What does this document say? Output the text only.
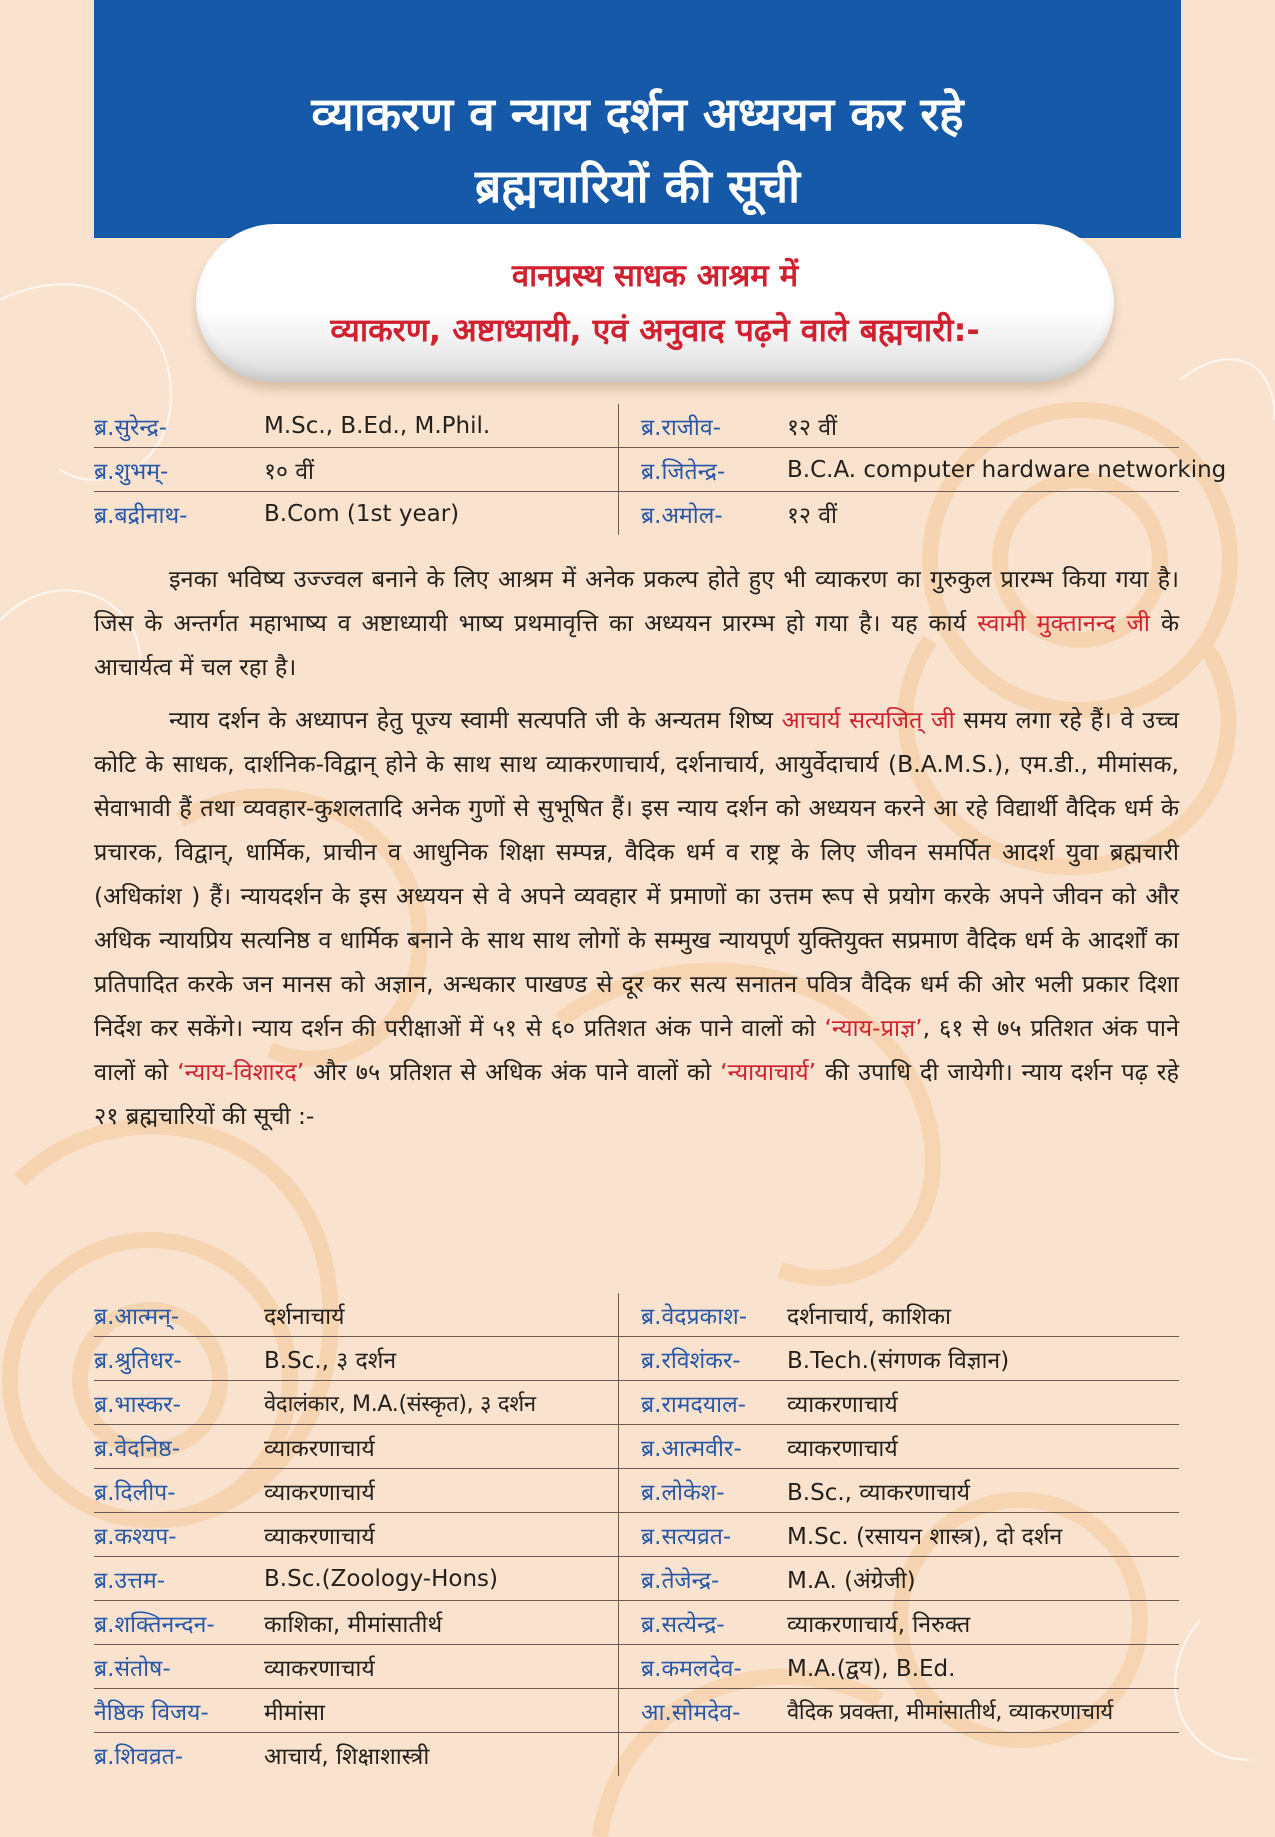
व्याकरण व न्याय दर्शन अध्ययन कर रहे
ब्रह्मचारियों की सूची

वानप्रस्थ साधक आश्रम में

व्याकरण, अष्टाध्यायी, एवं अनुवाद पढ़ने वाले बह्मचारी:-

ब्र.सुरेन्द्र-	M.Sc., B.Ed., M.Phil.	ब्र.राजीव-	१२ वीं
ब्र.शुभम्-	१० वीं	ब्र.जितेन्द्र-	B.C.A. computer hardware networking
ब्र.बद्रीनाथ-	B.Com (1st year)	ब्र.अमोल-	१२ वीं

इनका भविष्य उज्ज्वल बनाने के लिए आश्रम में अनेक प्रकल्प होते हुए भी व्याकरण का गुरुकुल प्रारम्भ किया गया है। जिस के अन्तर्गत महाभाष्य व अष्टाध्यायी भाष्य प्रथमावृत्ति का अध्ययन प्रारम्भ हो गया है। यह कार्य स्वामी मुक्तानन्द जी के आचार्यत्व में चल रहा है।

न्याय दर्शन के अध्यापन हेतु पूज्य स्वामी सत्यपति जी के अन्यतम शिष्य आचार्य सत्यजित् जी समय लगा रहे हैं। वे उच्च कोटि के साधक, दार्शनिक-विद्वान् होने के साथ साथ व्याकरणाचार्य, दर्शनाचार्य, आयुर्वेदाचार्य (B.A.M.S.), एम.डी., मीमांसक, सेवाभावी हैं तथा व्यवहार-कुशलतादि अनेक गुणों से सुभूषित हैं। इस न्याय दर्शन को अध्ययन करने आ रहे विद्यार्थी वैदिक धर्म के प्रचारक, विद्वान्, धार्मिक, प्राचीन व आधुनिक शिक्षा सम्पन्न, वैदिक धर्म व राष्ट्र के लिए जीवन समर्पित आदर्श युवा ब्रह्मचारी (अधिकांश ) हैं। न्यायदर्शन के इस अध्ययन से वे अपने व्यवहार में प्रमाणों का उत्तम रूप से प्रयोग करके अपने जीवन को और अधिक न्यायप्रिय सत्यनिष्ठ व धार्मिक बनाने के साथ साथ लोगों के सम्मुख न्यायपूर्ण युक्तियुक्त सप्रमाण वैदिक धर्म के आदर्शों का प्रतिपादित करके जन मानस को अज्ञान, अन्धकार पाखण्ड से दूर कर सत्य सनातन पवित्र वैदिक धर्म की ओर भली प्रकार दिशा निर्देश कर सकेंगे। न्याय दर्शन की परीक्षाओं में ५१ से ६० प्रतिशत अंक पाने वालों को ‘न्याय-प्राज्ञ’, ६१ से ७५ प्रतिशत अंक पाने वालों को ‘न्याय-विशारद’ और ७५ प्रतिशत से अधिक अंक पाने वालों को ‘न्यायाचार्य’ की उपाधि दी जायेगी। न्याय दर्शन पढ़ रहे २१ ब्रह्मचारियों की सूची :-

ब्र.आत्मन्-	दर्शनाचार्य	ब्र.वेदप्रकाश-	दर्शनाचार्य, काशिका
ब्र.श्रुतिधर-	B.Sc., ३ दर्शन	ब्र.रविशंकर-	B.Tech.(संगणक विज्ञान)
ब्र.भास्कर-	वेदालंकार, M.A.(संस्कृत), ३ दर्शन	ब्र.रामदयाल-	व्याकरणाचार्य
ब्र.वेदनिष्ठ-	व्याकरणाचार्य	ब्र.आत्मवीर-	व्याकरणाचार्य
ब्र.दिलीप-	व्याकरणाचार्य	ब्र.लोकेश-	B.Sc., व्याकरणाचार्य
ब्र.कश्यप-	व्याकरणाचार्य	ब्र.सत्यव्रत-	M.Sc. (रसायन शास्त्र), दो दर्शन
ब्र.उत्तम-	B.Sc.(Zoology-Hons)	ब्र.तेजेन्द्र-	M.A. (अंग्रेजी)
ब्र.शक्तिनन्दन-	काशिका, मीमांसातीर्थ	ब्र.सत्येन्द्र-	व्याकरणाचार्य, निरुक्त
ब्र.संतोष-	व्याकरणाचार्य	ब्र.कमलदेव-	M.A.(द्वय), B.Ed.
नैष्ठिक विजय-	मीमांसा	आ.सोमदेव-	वैदिक प्रवक्ता, मीमांसातीर्थ, व्याकरणाचार्य
ब्र.शिवव्रत-	आचार्य, शिक्षाशास्त्री
